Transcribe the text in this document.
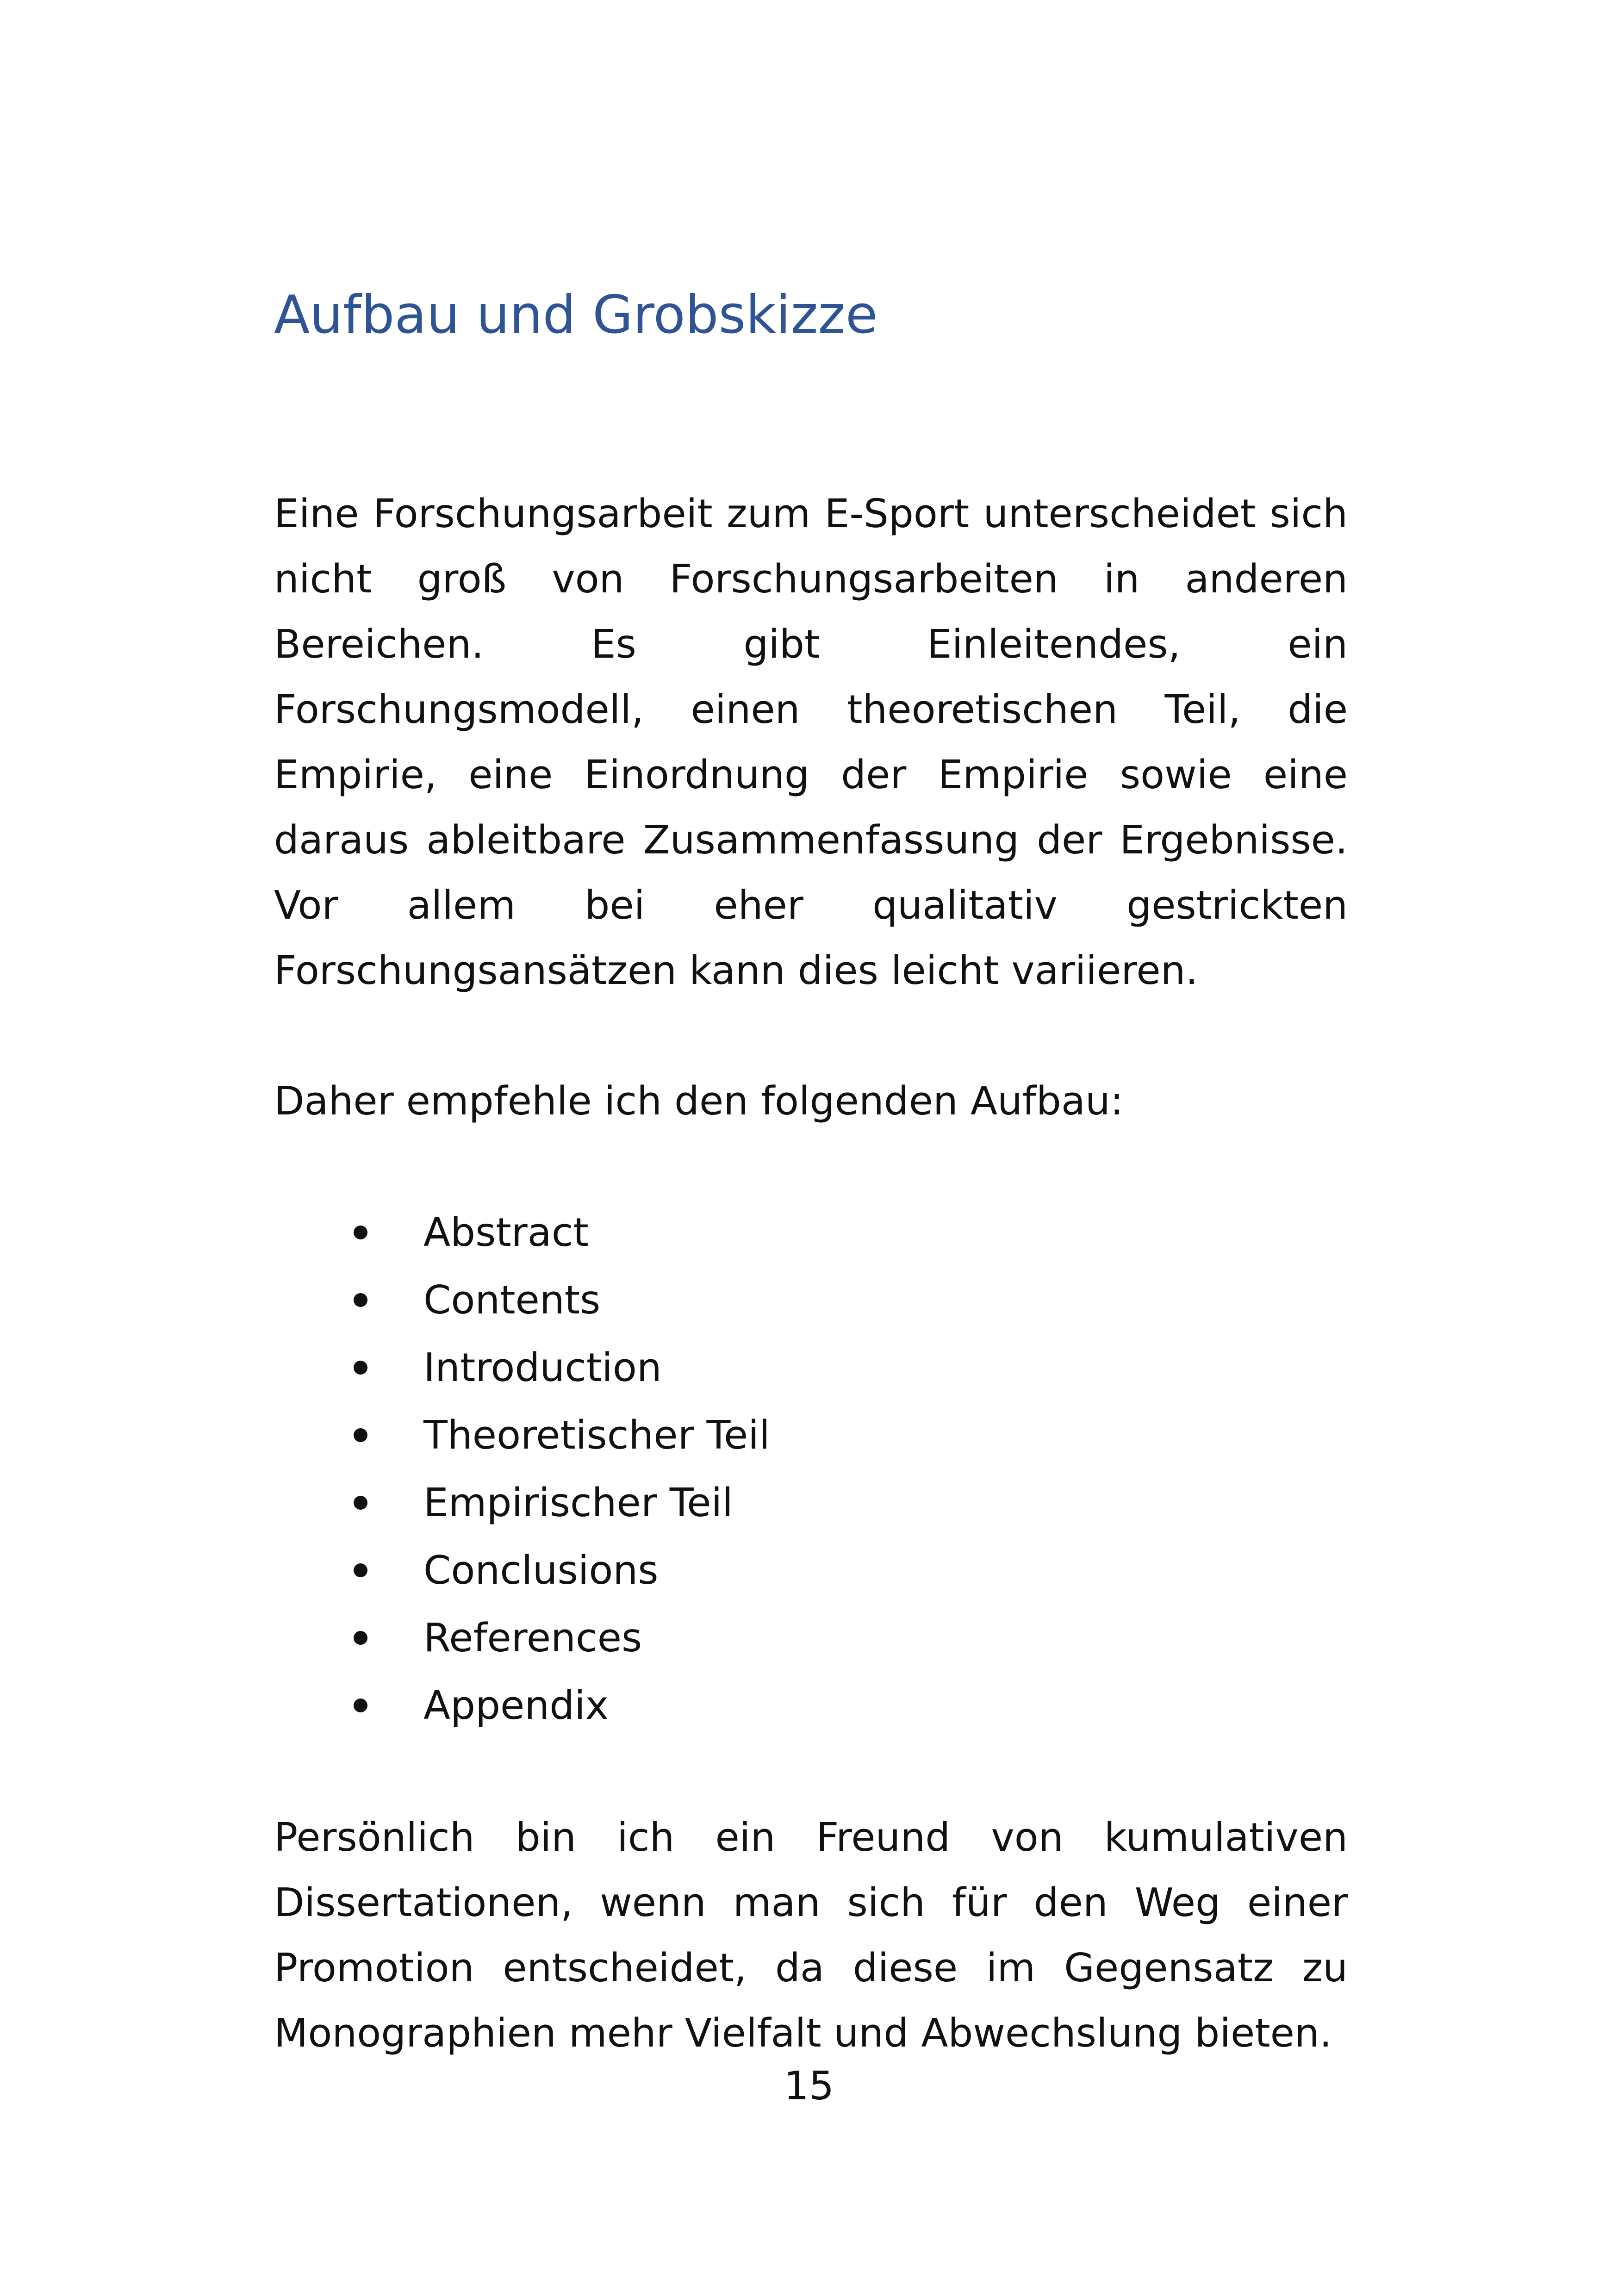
Aufbau und Grobskizze

Eine Forschungsarbeit zum E-Sport unterscheidet sich nicht groß von Forschungsarbeiten in anderen Bereichen. Es gibt Einleitendes, ein Forschungsmodell, einen theoretischen Teil, die Empirie, eine Einordnung der Empirie sowie eine daraus ableitbare Zusammenfassung der Ergebnisse. Vor allem bei eher qualitativ gestrickten Forschungsansätzen kann dies leicht variieren.

Daher empfehle ich den folgenden Aufbau:

Abstract
Contents
Introduction
Theoretischer Teil
Empirischer Teil
Conclusions
References
Appendix

Persönlich bin ich ein Freund von kumulativen Dissertationen, wenn man sich für den Weg einer Promotion entscheidet, da diese im Gegensatz zu Monographien mehr Vielfalt und Abwechslung bieten.

15
